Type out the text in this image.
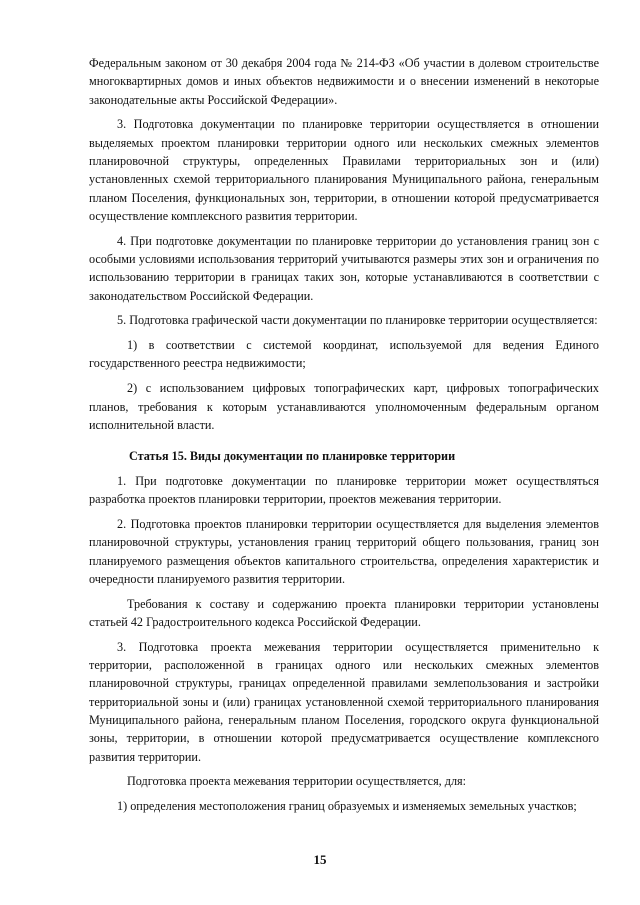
Федеральным законом от 30 декабря 2004 года № 214-ФЗ «Об участии в долевом строительстве многоквартирных домов и иных объектов недвижимости и о внесении изменений в некоторые законодательные акты Российской Федерации».

3. Подготовка документации по планировке территории осуществляется в отношении выделяемых проектом планировки территории одного или нескольких смежных элементов планировочной структуры, определенных Правилами территориальных зон и (или) установленных схемой территориального планирования Муниципального района, генеральным планом Поселения, функциональных зон, территории, в отношении которой предусматривается осуществление комплексного развития территории.

4. При подготовке документации по планировке территории до установления границ зон с особыми условиями использования территорий учитываются размеры этих зон и ограничения по использованию территории в границах таких зон, которые устанавливаются в соответствии с законодательством Российской Федерации.

5. Подготовка графической части документации по планировке территории осуществляется:

1) в соответствии с системой координат, используемой для ведения Единого государственного реестра недвижимости;

2) с использованием цифровых топографических карт, цифровых топографических планов, требования к которым устанавливаются уполномоченным федеральным органом исполнительной власти.

Статья 15. Виды документации по планировке территории

1. При подготовке документации по планировке территории может осуществляться разработка проектов планировки территории, проектов межевания территории.

2. Подготовка проектов планировки территории осуществляется для выделения элементов планировочной структуры, установления границ территорий общего пользования, границ зон планируемого размещения объектов капитального строительства, определения характеристик и очередности планируемого развития территории.

Требования к составу и содержанию проекта планировки территории установлены статьей 42 Градостроительного кодекса Российской Федерации.

3. Подготовка проекта межевания территории осуществляется применительно к территории, расположенной в границах одного или нескольких смежных элементов планировочной структуры, границах определенной правилами землепользования и застройки территориальной зоны и (или) границах установленной схемой территориального планирования Муниципального района, генеральным планом Поселения, городского округа функциональной зоны, территории, в отношении которой предусматривается осуществление комплексного развития территории.

Подготовка проекта межевания территории осуществляется, для:

1) определения местоположения границ образуемых и изменяемых земельных участков;

15
